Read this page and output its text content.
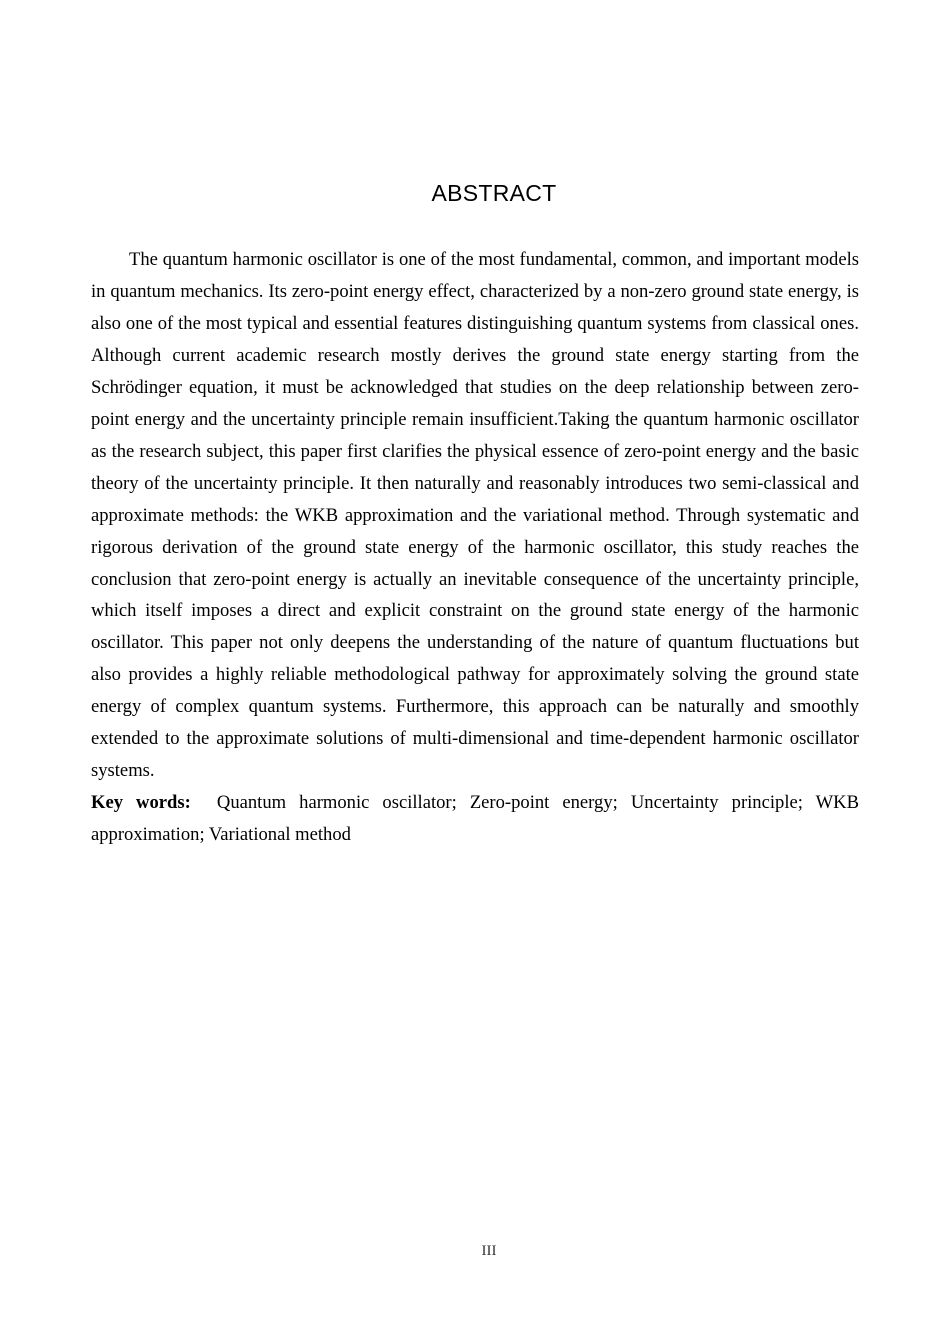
ABSTRACT

The quantum harmonic oscillator is one of the most fundamental, common, and important models in quantum mechanics. Its zero-point energy effect, characterized by a non-zero ground state energy, is also one of the most typical and essential features distinguishing quantum systems from classical ones. Although current academic research mostly derives the ground state energy starting from the Schrödinger equation, it must be acknowledged that studies on the deep relationship between zero-point energy and the uncertainty principle remain insufficient.Taking the quantum harmonic oscillator as the research subject, this paper first clarifies the physical essence of zero-point energy and the basic theory of the uncertainty principle. It then naturally and reasonably introduces two semi-classical and approximate methods: the WKB approximation and the variational method. Through systematic and rigorous derivation of the ground state energy of the harmonic oscillator, this study reaches the conclusion that zero-point energy is actually an inevitable consequence of the uncertainty principle, which itself imposes a direct and explicit constraint on the ground state energy of the harmonic oscillator. This paper not only deepens the understanding of the nature of quantum fluctuations but also provides a highly reliable methodological pathway for approximately solving the ground state energy of complex quantum systems. Furthermore, this approach can be naturally and smoothly extended to the approximate solutions of multi-dimensional and time-dependent harmonic oscillator systems.

Key words: Quantum harmonic oscillator; Zero-point energy; Uncertainty principle; WKB approximation; Variational method
III
